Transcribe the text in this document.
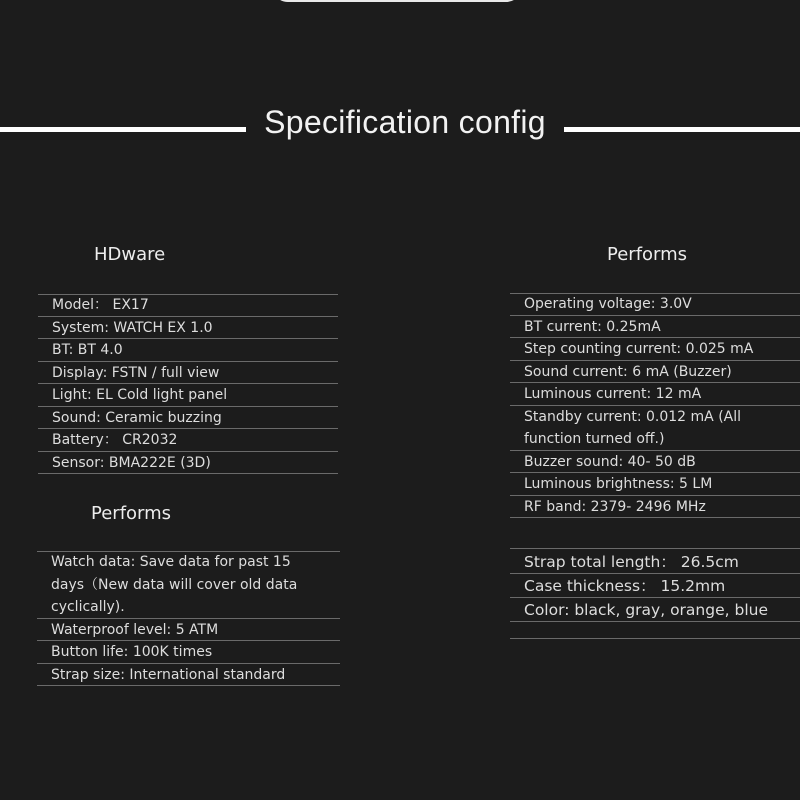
Specification config
HDware
Model： EX17
System: WATCH EX 1.0
BT: BT 4.0
Display: FSTN / full view
Light: EL Cold light panel
Sound: Ceramic buzzing
Battery： CR2032
Sensor: BMA222E (3D)
Performs
Watch data: Save data for past 15
days（New data will cover old data
cyclically).
Waterproof level: 5 ATM
Button life: 100K times
Strap size: International standard
Performs
Operating voltage: 3.0V
BT current: 0.25mA
Step counting current: 0.025 mA
Sound current: 6 mA (Buzzer)
Luminous current: 12 mA
Standby current: 0.012 mA (All
function turned off.)
Buzzer sound: 40- 50 dB
Luminous brightness: 5 LM
RF band: 2379- 2496 MHz
Strap total length： 26.5cm
Case thickness： 15.2mm
Color: black, gray, orange, blue
